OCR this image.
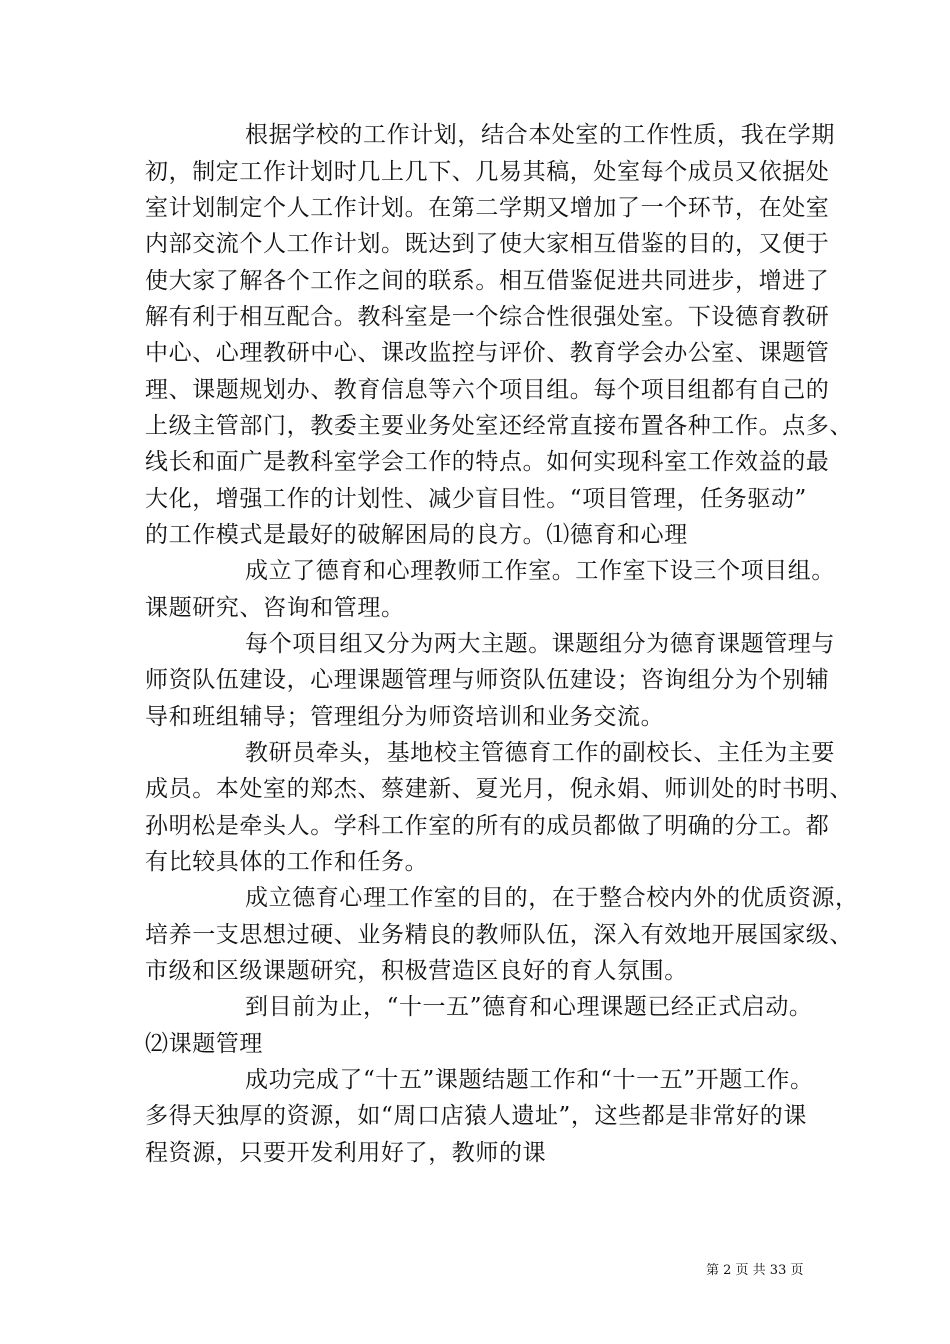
根据学校的工作计划，结合本处室的工作性质，我在学期
初，制定工作计划时几上几下、几易其稿，处室每个成员又依据处
室计划制定个人工作计划。在第二学期又增加了一个环节，在处室
内部交流个人工作计划。既达到了使大家相互借鉴的目的，又便于
使大家了解各个工作之间的联系。相互借鉴促进共同进步，增进了
解有利于相互配合。教科室是一个综合性很强处室。下设德育教研
中心、心理教研中心、课改监控与评价、教育学会办公室、课题管
理、课题规划办、教育信息等六个项目组。每个项目组都有自己的
上级主管部门，教委主要业务处室还经常直接布置各种工作。点多、
线长和面广是教科室学会工作的特点。如何实现科室工作效益的最
大化，增强工作的计划性、减少盲目性。“项目管理，任务驱动”
的工作模式是最好的破解困局的良方。⑴德育和心理
成立了德育和心理教师工作室。工作室下设三个项目组。
课题研究、咨询和管理。
每个项目组又分为两大主题。课题组分为德育课题管理与
师资队伍建设，心理课题管理与师资队伍建设；咨询组分为个别辅
导和班组辅导；管理组分为师资培训和业务交流。
教研员牵头，基地校主管德育工作的副校长、主任为主要
成员。本处室的郑杰、蔡建新、夏光月，倪永娟、师训处的时书明、
孙明松是牵头人。学科工作室的所有的成员都做了明确的分工。都
有比较具体的工作和任务。
成立德育心理工作室的目的，在于整合校内外的优质资源，
培养一支思想过硬、业务精良的教师队伍，深入有效地开展国家级、
市级和区级课题研究，积极营造区良好的育人氛围。
到目前为止，“十一五”德育和心理课题已经正式启动。
⑵课题管理
成功完成了“十五”课题结题工作和“十一五”开题工作。
多得天独厚的资源，如“周口店猿人遗址”，这些都是非常好的课
程资源，只要开发利用好了，教师的课
第 2 页 共 33 页
